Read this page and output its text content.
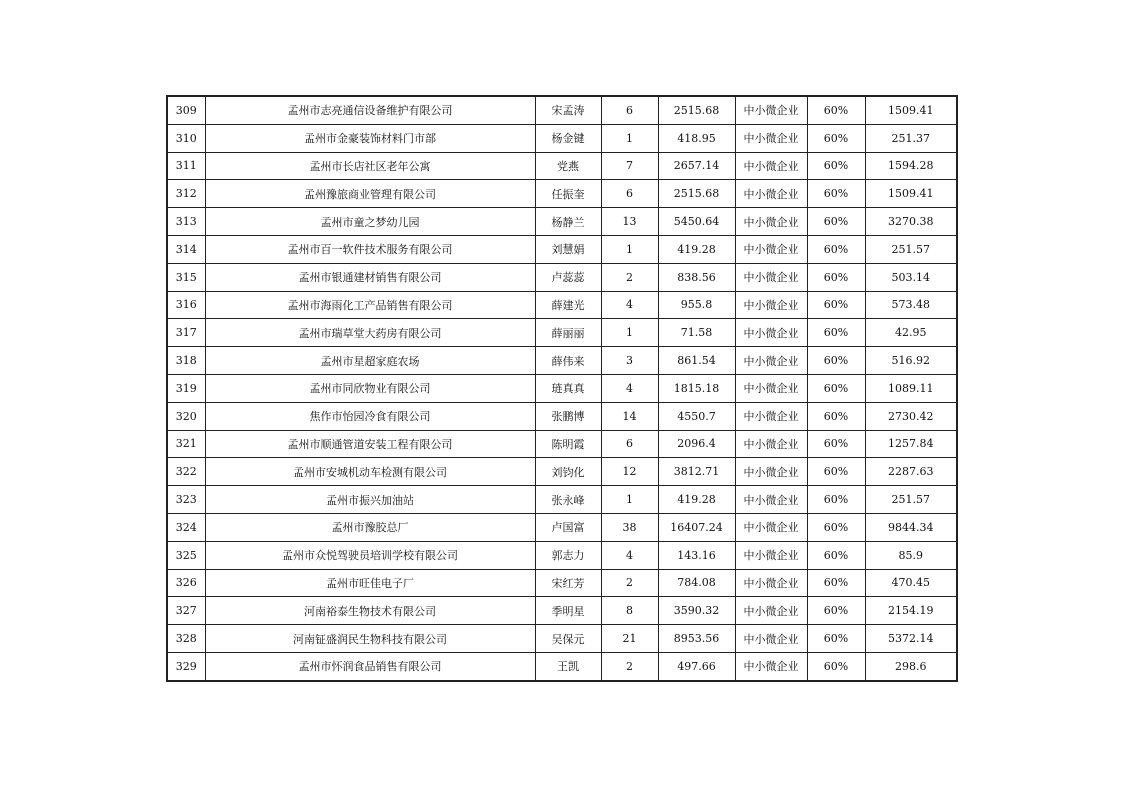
309	孟州市志亮通信设备维护有限公司	宋孟涛	6	2515.68	中小微企业	60%	1509.41
310	孟州市金豪装饰材料门市部	杨金键	1	418.95	中小微企业	60%	251.37
311	孟州市长店社区老年公寓	党燕	7	2657.14	中小微企业	60%	1594.28
312	孟州豫旅商业管理有限公司	任振奎	6	2515.68	中小微企业	60%	1509.41
313	孟州市童之梦幼儿园	杨静兰	13	5450.64	中小微企业	60%	3270.38
314	孟州市百一软件技术服务有限公司	刘慧娟	1	419.28	中小微企业	60%	251.57
315	孟州市银通建材销售有限公司	卢蕊蕊	2	838.56	中小微企业	60%	503.14
316	孟州市海雨化工产品销售有限公司	薛建光	4	955.8	中小微企业	60%	573.48
317	孟州市瑞草堂大药房有限公司	薛丽丽	1	71.58	中小微企业	60%	42.95
318	孟州市星超家庭农场	薛伟来	3	861.54	中小微企业	60%	516.92
319	孟州市同欣物业有限公司	琏真真	4	1815.18	中小微企业	60%	1089.11
320	焦作市怡园冷食有限公司	张鹏博	14	4550.7	中小微企业	60%	2730.42
321	孟州市顺通管道安装工程有限公司	陈明霞	6	2096.4	中小微企业	60%	1257.84
322	孟州市安城机动车检测有限公司	刘钧化	12	3812.71	中小微企业	60%	2287.63
323	孟州市振兴加油站	张永峰	1	419.28	中小微企业	60%	251.57
324	孟州市豫胶总厂	卢国富	38	16407.24	中小微企业	60%	9844.34
325	孟州市众悦驾驶员培训学校有限公司	郭志力	4	143.16	中小微企业	60%	85.9
326	孟州市旺佳电子厂	宋红芳	2	784.08	中小微企业	60%	470.45
327	河南裕泰生物技术有限公司	季明星	8	3590.32	中小微企业	60%	2154.19
328	河南钲盛润民生物科技有限公司	吴保元	21	8953.56	中小微企业	60%	5372.14
329	孟州市怀润食品销售有限公司	王凯	2	497.66	中小微企业	60%	298.6
